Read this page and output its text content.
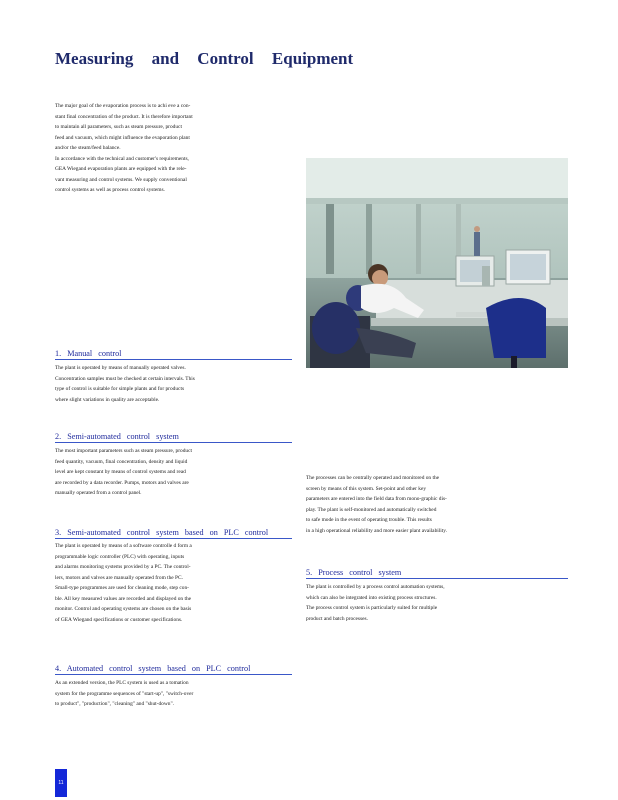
Measuring and Control Equipment
The major goal of the evaporation process is to achi eve a con-
stant final concentration of the product. It is therefore important
to maintain all parameters, such as steam pressure, product
feed and vacuum, which might influence the evaporation plant
and/or the steam/feed balance.
In accordance with the technical and customer's requirements,
GEA Wiegand evaporation plants are equipped with the rele-
vant measuring and control systems. We supply conventional
control systems as well as process control systems.
1. Manual control
The plant is operated by means of manually operated valves.
Concentration samples must be checked at certain intervals. This
type of control is suitable for simple plants and for products
where slight variations in quality are acceptable.
2. Semi-automated control system
The most important parameters such as steam pressure, product
feed quantity, vacuum, final concentration, density and liquid
level are kept constant by means of control systems and read
are recorded by a data recorder. Pumps, motors and valves are
manually operated from a control panel.
3. Semi-automated control system based on PLC control
The plant is operated by means of a software controlle d form a
programmable logic controller (PLC) with operating, inputs
and alarms monitoring systems provided by a PC. The control-
lers, motors and valves are manually operated from the PC.
Small-type programmes are used for cleaning mode, step con-
ble. All key measured values are recorded and displayed on the
monitor. Control and operating systems are chosen on the basis
of GEA Wiegand specifications or customer specifications.
4. Automated control system based on PLC control
As an extended version, the PLC system is used as a tomation
system for the programme sequences of "start-up", "switch-over
to product", "production", "cleaning" and "shut-down".
The processes can be centrally operated and monitored on the
screen by means of this system. Set-point and other key
parameters are entered into the field data from mono-graphic dis-
play. The plant is self-monitored and automatically switched
to safe mode in the event of operating trouble. This results
in a high operational reliability and more easier plant availability.
5. Process control system
The plant is controlled by a process control automation systems,
which can also be integrated into existing process structures.
The process control system is particularly suited for multiple
product and batch processes.
11
